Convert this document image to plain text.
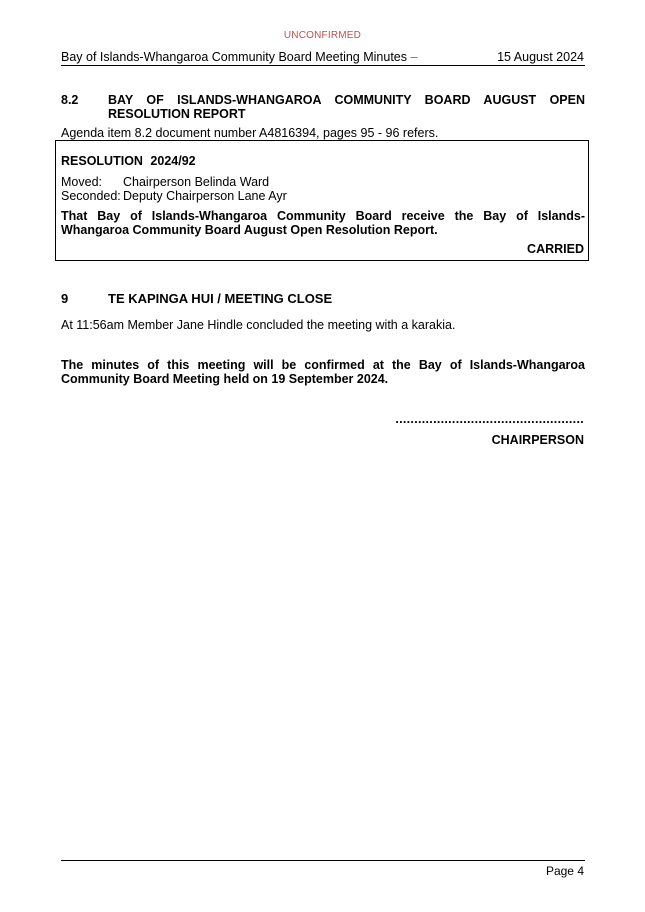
UNCONFIRMED
Bay of Islands-Whangaroa Community Board Meeting Minutes –	15 August 2024
8.2 BAY OF ISLANDS-WHANGAROA COMMUNITY BOARD AUGUST OPEN
RESOLUTION REPORT
Agenda item 8.2 document number A4816394, pages 95 - 96 refers.
RESOLUTION 2024/92
Moved: Chairperson Belinda Ward
Seconded: Deputy Chairperson Lane Ayr
That Bay of Islands-Whangaroa Community Board receive the Bay of Islands-Whangaroa Community Board August Open Resolution Report.
CARRIED
9	TE KAPINGA HUI / MEETING CLOSE
At 11:56am Member Jane Hindle concluded the meeting with a karakia.
The minutes of this meeting will be confirmed at the Bay of Islands-Whangaroa Community Board Meeting held on 19 September 2024.
..................................................
CHAIRPERSON
Page 4
